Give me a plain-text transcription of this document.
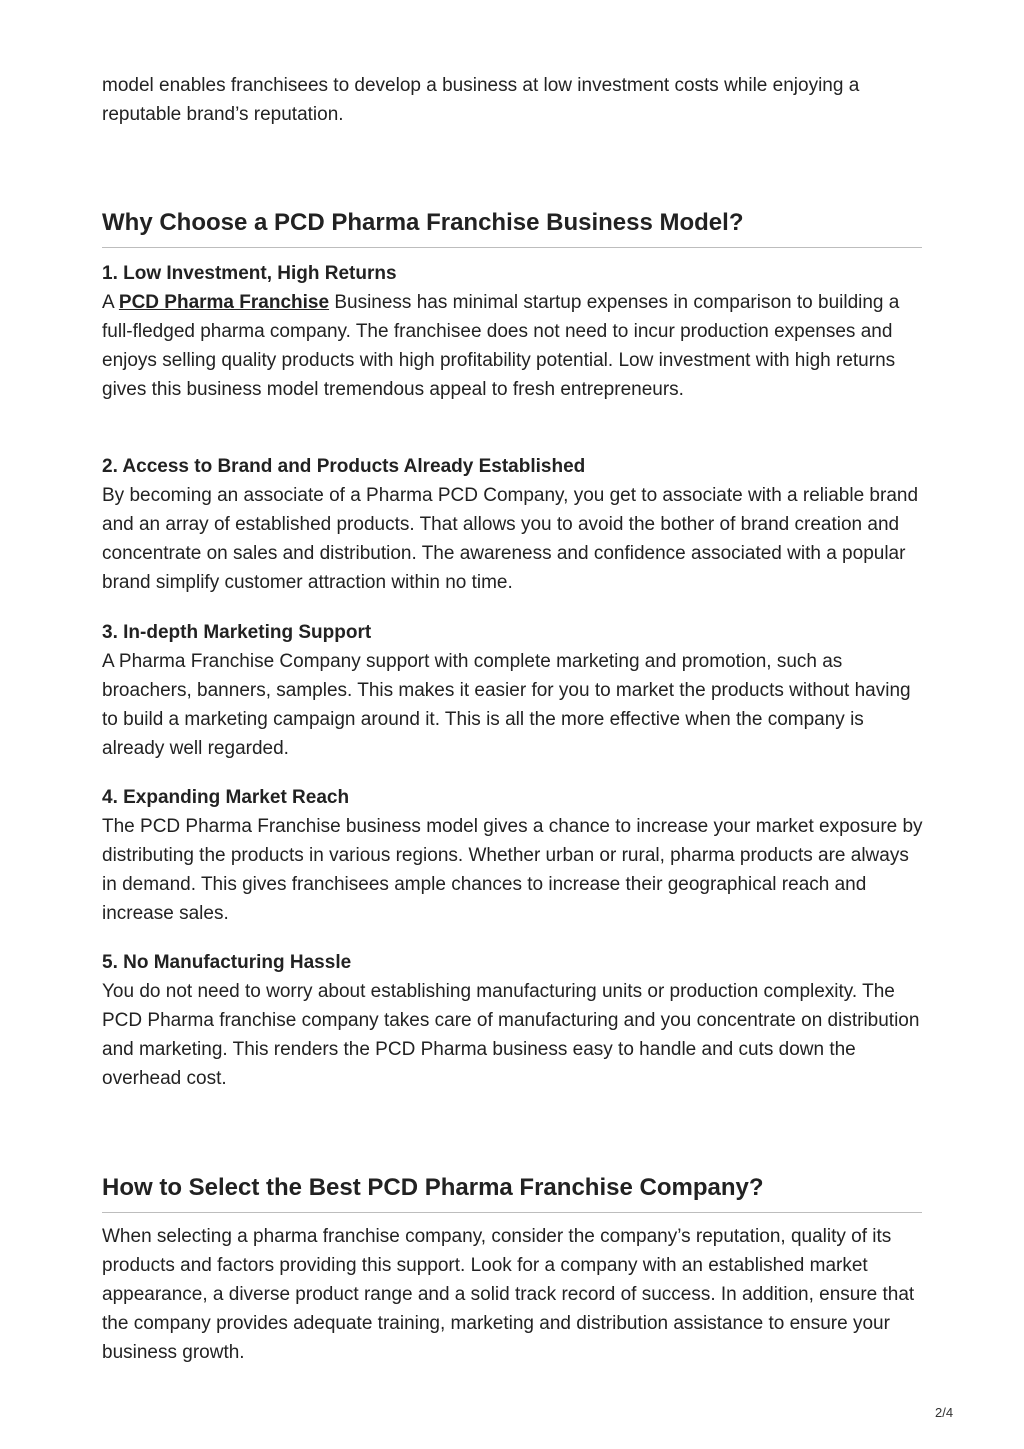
model enables franchisees to develop a business at low investment costs while enjoying a reputable brand’s reputation.

Why Choose a PCD Pharma Franchise Business Model?
1. Low Investment, High Returns
A PCD Pharma Franchise Business has minimal startup expenses in comparison to building a full-fledged pharma company. The franchisee does not need to incur production expenses and enjoys selling quality products with high profitability potential. Low investment with high returns gives this business model tremendous appeal to fresh entrepreneurs.
2. Access to Brand and Products Already Established
By becoming an associate of a Pharma PCD Company, you get to associate with a reliable brand and an array of established products. That allows you to avoid the bother of brand creation and concentrate on sales and distribution. The awareness and confidence associated with a popular brand simplify customer attraction within no time.
3. In-depth Marketing Support
A Pharma Franchise Company support with complete marketing and promotion, such as broachers, banners, samples. This makes it easier for you to market the products without having to build a marketing campaign around it. This is all the more effective when the company is already well regarded.
4. Expanding Market Reach
The PCD Pharma Franchise business model gives a chance to increase your market exposure by distributing the products in various regions. Whether urban or rural, pharma products are always in demand. This gives franchisees ample chances to increase their geographical reach and increase sales.
5. No Manufacturing Hassle
You do not need to worry about establishing manufacturing units or production complexity. The PCD Pharma franchise company takes care of manufacturing and you concentrate on distribution and marketing. This renders the PCD Pharma business easy to handle and cuts down the overhead cost.
How to Select the Best PCD Pharma Franchise Company?

When selecting a pharma franchise company, consider the company’s reputation, quality of its products and factors providing this support. Look for a company with an established market appearance, a diverse product range and a solid track record of success. In addition, ensure that the company provides adequate training, marketing and distribution assistance to ensure your business growth.

2/4
